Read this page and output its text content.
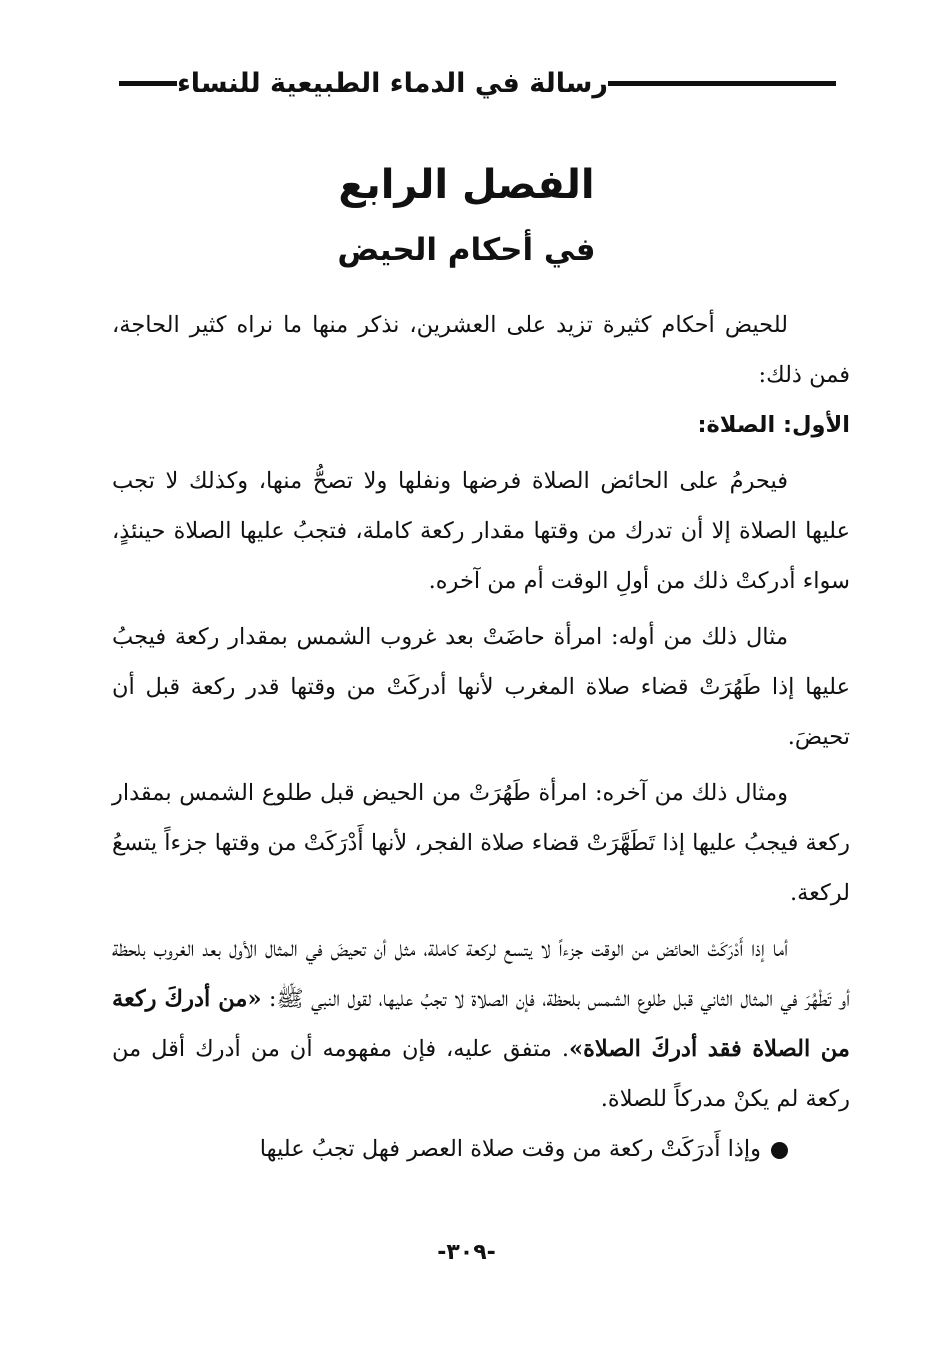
رسالة في الدماء الطبيعية للنساء
الفصل الرابع
في أحكام الحيض

للحيض أحكام كثيرة تزيد على العشرين، نذكر منها ما نراه كثير الحاجة، فمن ذلك:

الأول: الصلاة:

فيحرمُ على الحائض الصلاة فرضها ونفلها ولا تصحُّ منها، وكذلك لا تجب عليها الصلاة إلا أن تدرك من وقتها مقدار ركعة كاملة، فتجبُ عليها الصلاة حينئذٍ، سواء أدركتْ ذلك من أولِ الوقت أم من آخره.

مثال ذلك من أوله: امرأة حاضَتْ بعد غروب الشمس بمقدار ركعة فيجبُ عليها إذا طَهُرَتْ قضاء صلاة المغرب لأنها أدركَتْ من وقتها قدر ركعة قبل أن تحيضَ.

ومثال ذلك من آخره: امرأة طَهُرَتْ من الحيض قبل طلوع الشمس بمقدار ركعة فيجبُ عليها إذا تَطَهَّرَتْ قضاء صلاة الفجر، لأنها أَدْرَكَتْ من وقتها جزءاً يتسعُ لركعة.

أما إذا أَدْرَكَتْ الحائض من الوقت جزءاً لا يتسع لركعة كاملة، مثل أن تحيضَ في المثال الأول بعد الغروب بلحظة أو تَطْهُرَ في المثال الثاني قبل طلوع الشمس بلحظة، فإن الصلاة لا تجبُ عليها، لقول النبي ﷺ: «من أدركَ ركعة من الصلاة فقد أدركَ الصلاة». متفق عليه، فإن مفهومه أن من أدرك أقل من ركعة لم يكنْ مدركاً للصلاة.

وإذا أَدرَكَتْ ركعة من وقت صلاة العصر فهل تجبُ عليها

-٣٠٩-
